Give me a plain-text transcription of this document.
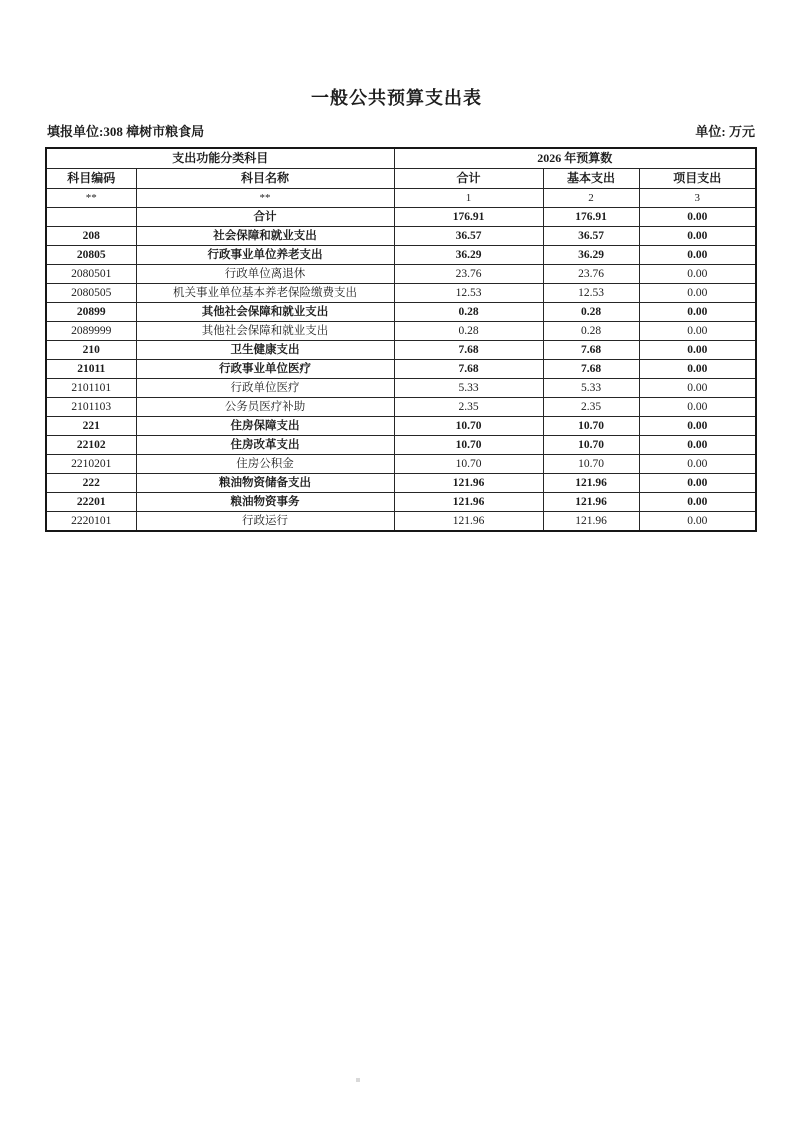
一般公共预算支出表
填报单位:308 樟树市粮食局	单位: 万元
支出功能分类科目		2026 年预算数		
科目编码	科目名称	合计	基本支出	项目支出
**	**	1	2	3
	合计	176.91	176.91	0.00
208	社会保障和就业支出	36.57	36.57	0.00
20805	行政事业单位养老支出	36.29	36.29	0.00
2080501	行政单位离退休	23.76	23.76	0.00
2080505	机关事业单位基本养老保险缴费支出	12.53	12.53	0.00
20899	其他社会保障和就业支出	0.28	0.28	0.00
2089999	其他社会保障和就业支出	0.28	0.28	0.00
210	卫生健康支出	7.68	7.68	0.00
21011	行政事业单位医疗	7.68	7.68	0.00
2101101	行政单位医疗	5.33	5.33	0.00
2101103	公务员医疗补助	2.35	2.35	0.00
221	住房保障支出	10.70	10.70	0.00
22102	住房改革支出	10.70	10.70	0.00
2210201	住房公积金	10.70	10.70	0.00
222	粮油物资储备支出	121.96	121.96	0.00
22201	粮油物资事务	121.96	121.96	0.00
2220101	行政运行	121.96	121.96	0.00
